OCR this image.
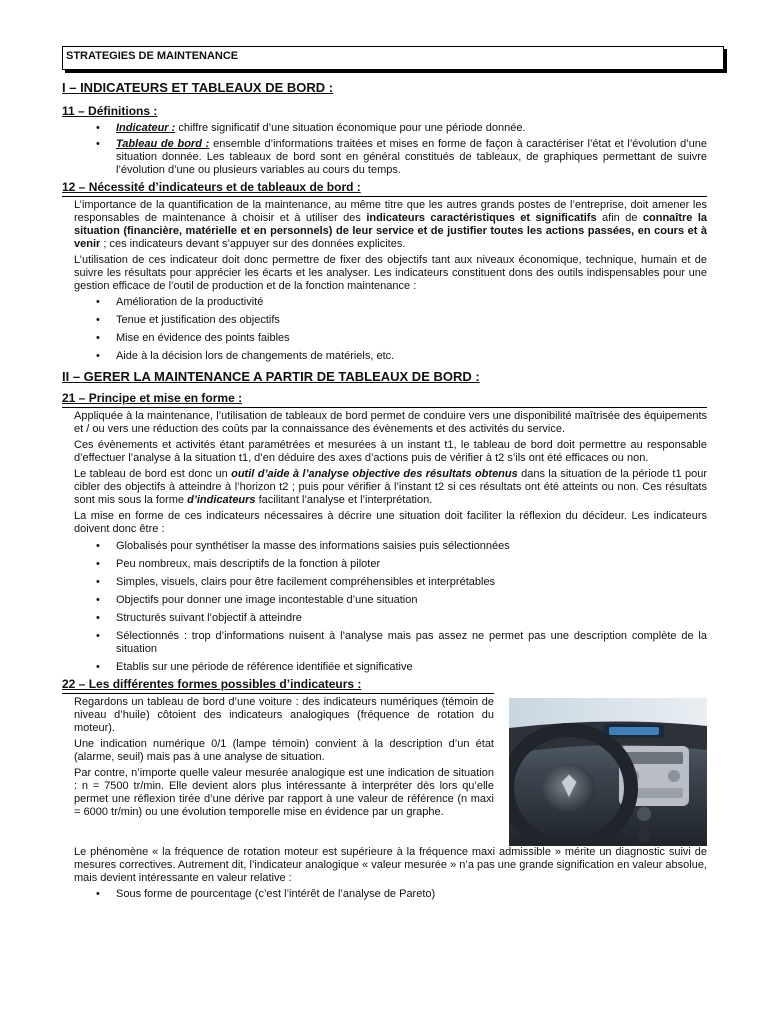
STRATEGIES DE MAINTENANCE
I – INDICATEURS ET TABLEAUX DE BORD :
11 – Définitions :
• Indicateur : chiffre significatif d’une situation économique pour une période donnée.
• Tableau de bord : ensemble d’informations traitées et mises en forme de façon à caractériser l’état et l’évolution d’une situation donnée. Les tableaux de bord sont en général constitués de tableaux, de graphiques permettant de suivre l’évolution d’une ou plusieurs variables au cours du temps.
12 – Nécessité d’indicateurs et de tableaux de bord :

L’importance de la quantification de la maintenance, au même titre que les autres grands postes de l’entreprise, doit amener les responsables de maintenance à choisir et à utiliser des indicateurs caractéristiques et significatifs afin de connaître la situation (financière, matérielle et en personnels) de leur service et de justifier toutes les actions passées, en cours et à venir ; ces indicateurs devant s’appuyer sur des données explicites.

L’utilisation de ces indicateur doit donc permettre de fixer des objectifs tant aux niveaux économique, technique, humain et de suivre les résultats pour apprécier les écarts et les analyser. Les indicateurs constituent dons des outils indispensables pour une gestion efficace de l’outil de production et de la fonction maintenance :

• Amélioration de la productivité
• Tenue et justification des objectifs
• Mise en évidence des points faibles
• Aide à la décision lors de changements de matériels, etc.
II – GERER LA MAINTENANCE A PARTIR DE TABLEAUX DE BORD :
21 – Principe et mise en forme :

Appliquée à la maintenance, l’utilisation de tableaux de bord permet de conduire vers une disponibilité maîtrisée des équipements et / ou vers une réduction des coûts par la connaissance des évènements et des activités du service.

Ces évènements et activités étant paramétrées et mesurées à un instant t1, le tableau de bord doit permettre au responsable d’effectuer l’analyse à la situation t1, d’en déduire des axes d’actions puis de vérifier à t2 s’ils ont été efficaces ou non.

Le tableau de bord est donc un outil d’aide à l’analyse objective des résultats obtenus dans la situation de la période t1 pour cibler des objectifs à atteindre à l’horizon t2 ; puis pour vérifier à l’instant t2 si ces résultats ont été atteints ou non. Ces résultats sont mis sous la forme d’indicateurs facilitant l’analyse et l’interprétation.

La mise en forme de ces indicateurs nécessaires à décrire une situation doit faciliter la réflexion du décideur. Les indicateurs doivent donc être :

• Globalisés pour synthétiser la masse des informations saisies puis sélectionnées
• Peu nombreux, mais descriptifs de la fonction à piloter
• Simples, visuels, clairs pour être facilement compréhensibles et interprétables
• Objectifs pour donner une image incontestable d’une situation
• Structurés suivant l’objectif à atteindre
• Sélectionnés : trop d’informations nuisent à l’analyse mais pas assez ne permet pas une description complète de la situation
• Etablis sur une période de référence identifiée et significative
22 – Les différentes formes possibles d’indicateurs :

Regardons un tableau de bord d’une voiture : des indicateurs numériques (témoin de niveau d’huile) côtoient des indicateurs analogiques (fréquence de rotation du moteur).

Une indication numérique 0/1 (lampe témoin) convient à la description d’un état (alarme, seuil) mais pas à une analyse de situation.

Par contre, n’importe quelle valeur mesurée analogique est une indication de situation : n = 7500 tr/min. Elle devient alors plus intéressante à interpréter dès lors qu’elle permet une réflexion tirée d’une dérive par rapport à une valeur de référence (n maxi = 6000 tr/min) ou une évolution temporelle mise en évidence par un graphe.

Le phénomène « la fréquence de rotation moteur est supérieure à la fréquence maxi admissible » mérite un diagnostic suivi de mesures correctives. Autrement dit, l’indicateur analogique « valeur mesurée » n’a pas une grande signification en valeur absolue, mais devient intéressante en valeur relative :

• Sous forme de pourcentage (c’est l’intérêt de l’analyse de Pareto)
